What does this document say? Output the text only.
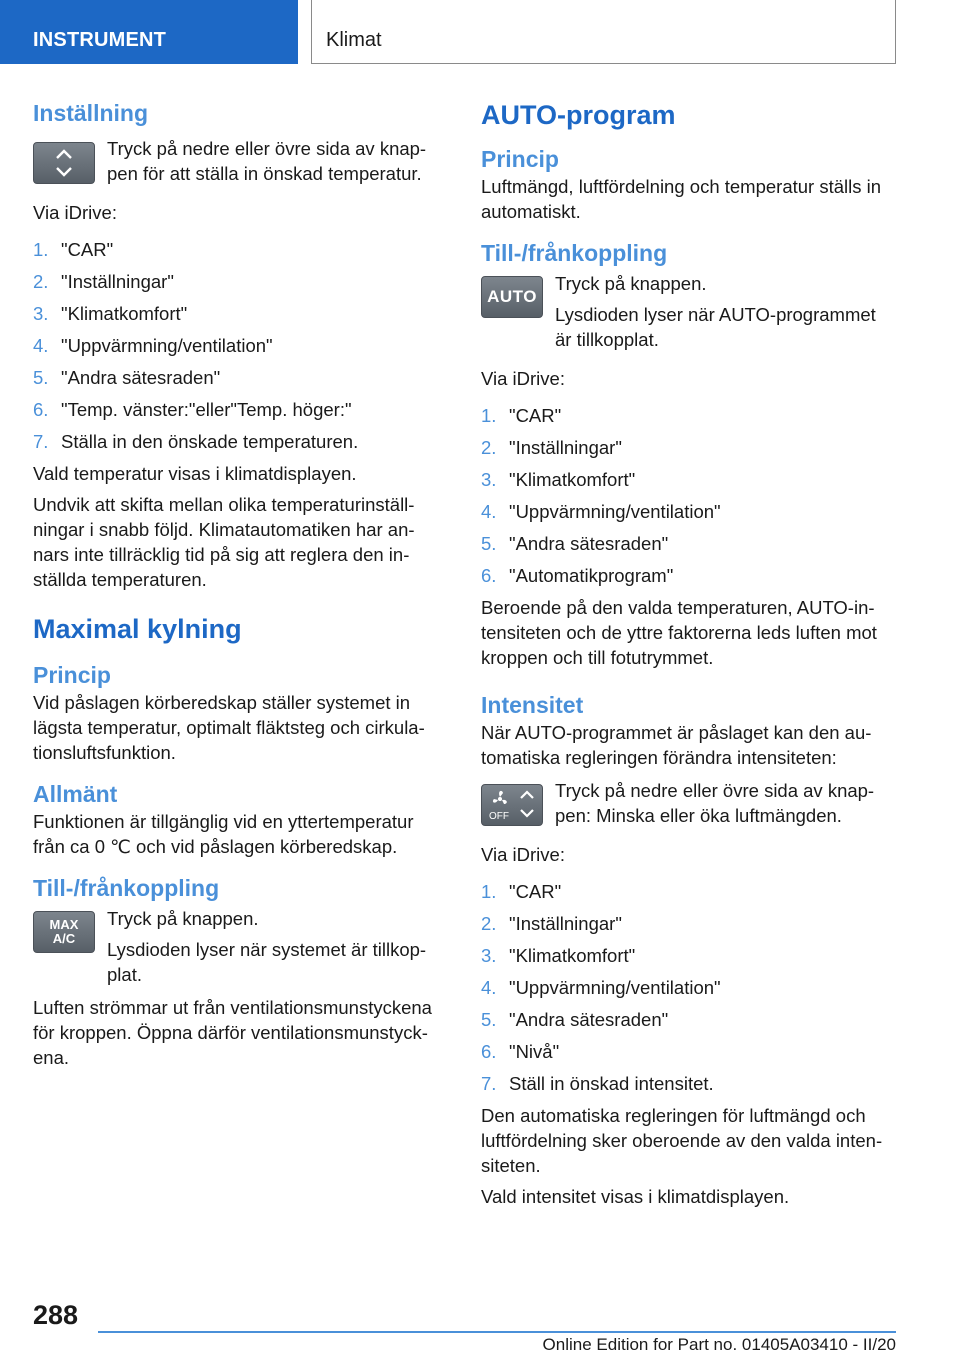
INSTRUMENT	Klimat
Inställning

Tryck på nedre eller övre sida av knap- pen för att ställa in önskad temperatur.

Via iDrive:

1. "CAR"
2. "Inställningar"
3. "Klimatkomfort"
4. "Uppvärmning/ventilation"
5. "Andra sätesraden"
6. "Temp. vänster:"eller"Temp. höger:"
7. Ställa in den önskade temperaturen.

Vald temperatur visas i klimatdisplayen.

Undvik att skifta mellan olika temperaturinställ- ningar i snabb följd. Klimatautomatiken har an- nars inte tillräcklig tid på sig att reglera den in- ställda temperaturen.

Maximal kylning
Princip

Vid påslagen körberedskap ställer systemet in lägsta temperatur, optimalt fläktsteg och cirkula- tionsluftsfunktion.

Allmänt

Funktionen är tillgänglig vid en yttertemperatur från ca 0 ℃ och vid påslagen körberedskap.

Till-/frånkoppling
MAX
A/C

Tryck på knappen.

Lysdioden lyser när systemet är tillkop- plat.

Luften strömmar ut från ventilationsmunstyckena för kroppen. Öppna därför ventilationsmunstyck- ena.

AUTO-program
Princip

Luftmängd, luftfördelning och temperatur ställs in automatiskt.

Till-/frånkoppling
AUTO

Tryck på knappen.

Lysdioden lyser när AUTO-programmet är tillkopplat.

Via iDrive:

1. "CAR"
2. "Inställningar"
3. "Klimatkomfort"
4. "Uppvärmning/ventilation"
5. "Andra sätesraden"
6. "Automatikprogram"

Beroende på den valda temperaturen, AUTO-in- tensiteten och de yttre faktorerna leds luften mot kroppen och till fotutrymmet.

Intensitet

När AUTO-programmet är påslaget kan den au- tomatiska regleringen förändra intensiteten:

OFF

Tryck på nedre eller övre sida av knap- pen: Minska eller öka luftmängden.

Via iDrive:

1. "CAR"
2. "Inställningar"
3. "Klimatkomfort"
4. "Uppvärmning/ventilation"
5. "Andra sätesraden"
6. "Nivå"
7. Ställ in önskad intensitet.

Den automatiska regleringen för luftmängd och luftfördelning sker oberoende av den valda inten- siteten.

Vald intensitet visas i klimatdisplayen.

288
Online Edition for Part no. 01405A03410 - II/20
